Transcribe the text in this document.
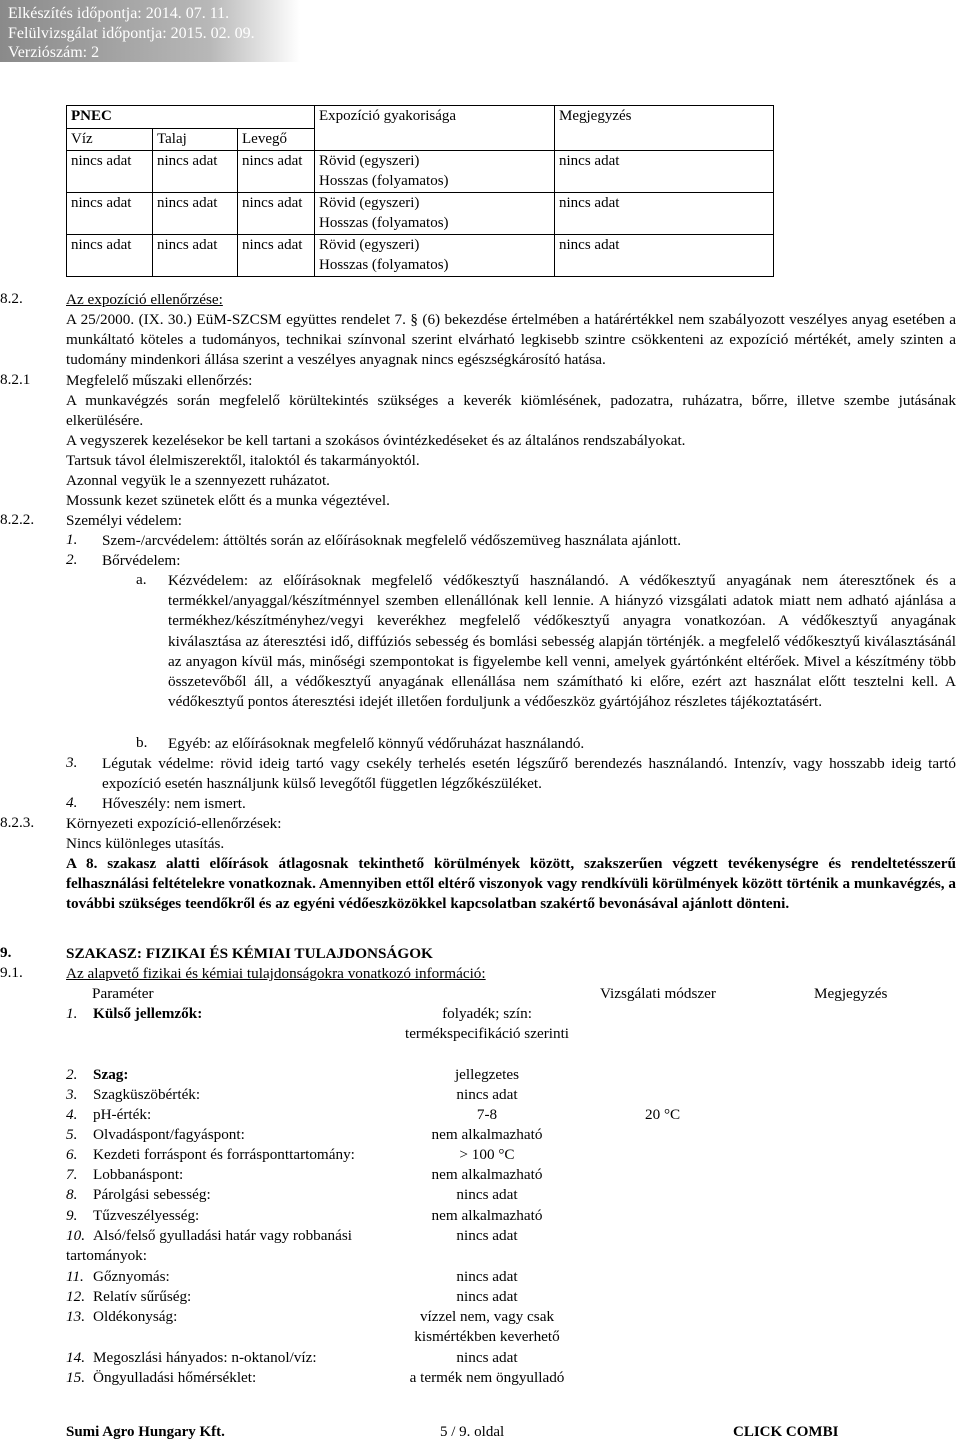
Elkészítés időpontja: 2014. 07. 11.
Felülvizsgálat időpontja: 2015. 02. 09.
Verziószám: 2
PNEC			Expozíció gyakorisága	Megjegyzés
Víz	Talaj	Levegő		
nincs adat	nincs adat	nincs adat	Rövid (egyszeri)
Hosszas (folyamatos)	nincs adat
nincs adat	nincs adat	nincs adat	Rövid (egyszeri)
Hosszas (folyamatos)	nincs adat
nincs adat	nincs adat	nincs adat	Rövid (egyszeri)
Hosszas (folyamatos)	nincs adat
8.2.	Az expozíció ellenőrzése:
A 25/2000. (IX. 30.) EüM-SZCSM együttes rendelet 7. § (6) bekezdése értelmében a határértékkel nem szabályozott veszélyes anyag esetében a munkáltató köteles a tudományos, technikai színvonal szerint elvárható legkisebb szintre csökkenteni az expozíció mértékét, amely szinten a tudomány mindenkori állása szerint a veszélyes anyagnak nincs egészségkárosító hatása.
8.2.1 Megfelelő műszaki ellenőrzés:
A munkavégzés során megfelelő körültekintés szükséges a keverék kiömlésének, padozatra, ruházatra, bőrre, illetve szembe jutásának elkerülésére.
A vegyszerek kezelésekor be kell tartani a szokásos óvintézkedéseket és az általános rendszabályokat.
Tartsuk távol élelmiszerektől, italoktól és takarmányoktól.
Azonnal vegyük le a szennyezett ruházatot.
Mossunk kezet szünetek előtt és a munka végeztével.
8.2.2. Személyi védelem:
1. Szem-/arcvédelem: áttöltés során az előírásoknak megfelelő védőszemüveg használata ajánlott.
2. Bőrvédelem:
a. Kézvédelem: az előírásoknak megfelelő védőkesztyű használandó. A védőkesztyű anyagának nem áteresztőnek és a termékkel/anyaggal/készítménnyel szemben ellenállónak kell lennie. A hiányzó vizsgálati adatok miatt nem adható ajánlása a termékhez/készítményhez/vegyi keverékhez megfelelő védőkesztyű anyagra vonatkozóan. A védőkesztyű anyagának kiválasztása az áteresztési idő, diffúziós sebesség és bomlási sebesség alapján történjék. a megfelelő védőkesztyű kiválasztásánál az anyagon kívül más, minőségi szempontokat is figyelembe kell venni, amelyek gyártónként eltérőek. Mivel a készítmény több összetevőből áll, a védőkesztyű anyagának ellenállása nem számítható ki előre, ezért azt használat előtt tesztelni kell. A védőkesztyű pontos áteresztési idejét illetően forduljunk a védőeszköz gyártójához részletes tájékoztatásért.
b. Egyéb: az előírásoknak megfelelő könnyű védőruházat használandó.
3. Légutak védelme: rövid ideig tartó vagy csekély terhelés esetén légszűrő berendezés használandó. Intenzív, vagy hosszabb ideig tartó expozíció esetén használjunk külső levegőtől független légzőkészüléket.
4. Hőveszély: nem ismert.
8.2.3. Környezeti expozíció-ellenőrzések:
Nincs különleges utasítás.
A 8. szakasz alatti előírások átlagosnak tekinthető körülmények között, szakszerűen végzett tevékenységre és rendeltetésszerű felhasználási feltételekre vonatkoznak. Amennyiben ettől eltérő viszonyok vagy rendkívüli körülmények között történik a munkavégzés, a további szükséges teendőkről és az egyéni védőeszközökkel kapcsolatban szakértő bevonásával ajánlott dönteni.
9.	SZAKASZ: FIZIKAI ÉS KÉMIAI TULAJDONSÁGOK
9.1.	Az alapvető fizikai és kémiai tulajdonságokra vonatkozó információ:
Paraméter	Vizsgálati módszer	Megjegyzés
1. Külső jellemzők:	folyadék; szín: termékspecifikáció szerinti
2. Szag:	jellegzetes
3. Szagküszöbérték:	nincs adat
4. pH-érték:	7-8	20 °C
5. Olvadáspont/fagyáspont:	nem alkalmazható
6. Kezdeti forráspont és forrásponttartomány:	> 100 °C
7. Lobbanáspont:	nem alkalmazható
8. Párolgási sebesség:	nincs adat
9. Tűzveszélyesség:	nem alkalmazható
10. Alsó/felső gyulladási határ vagy robbanási tartományok:
nincs adat
11. Gőznyomás:	nincs adat
12. Relatív sűrűség:	nincs adat
13. Oldékonyság:	vízzel nem, vagy csak kismértékben keverhető
14. Megoszlási hányados: n-oktanol/víz:	nincs adat
15. Öngyulladási hőmérséklet:	a termék nem öngyulladó
Sumi Agro Hungary Kft.	5 / 9. oldal	CLICK COMBI
